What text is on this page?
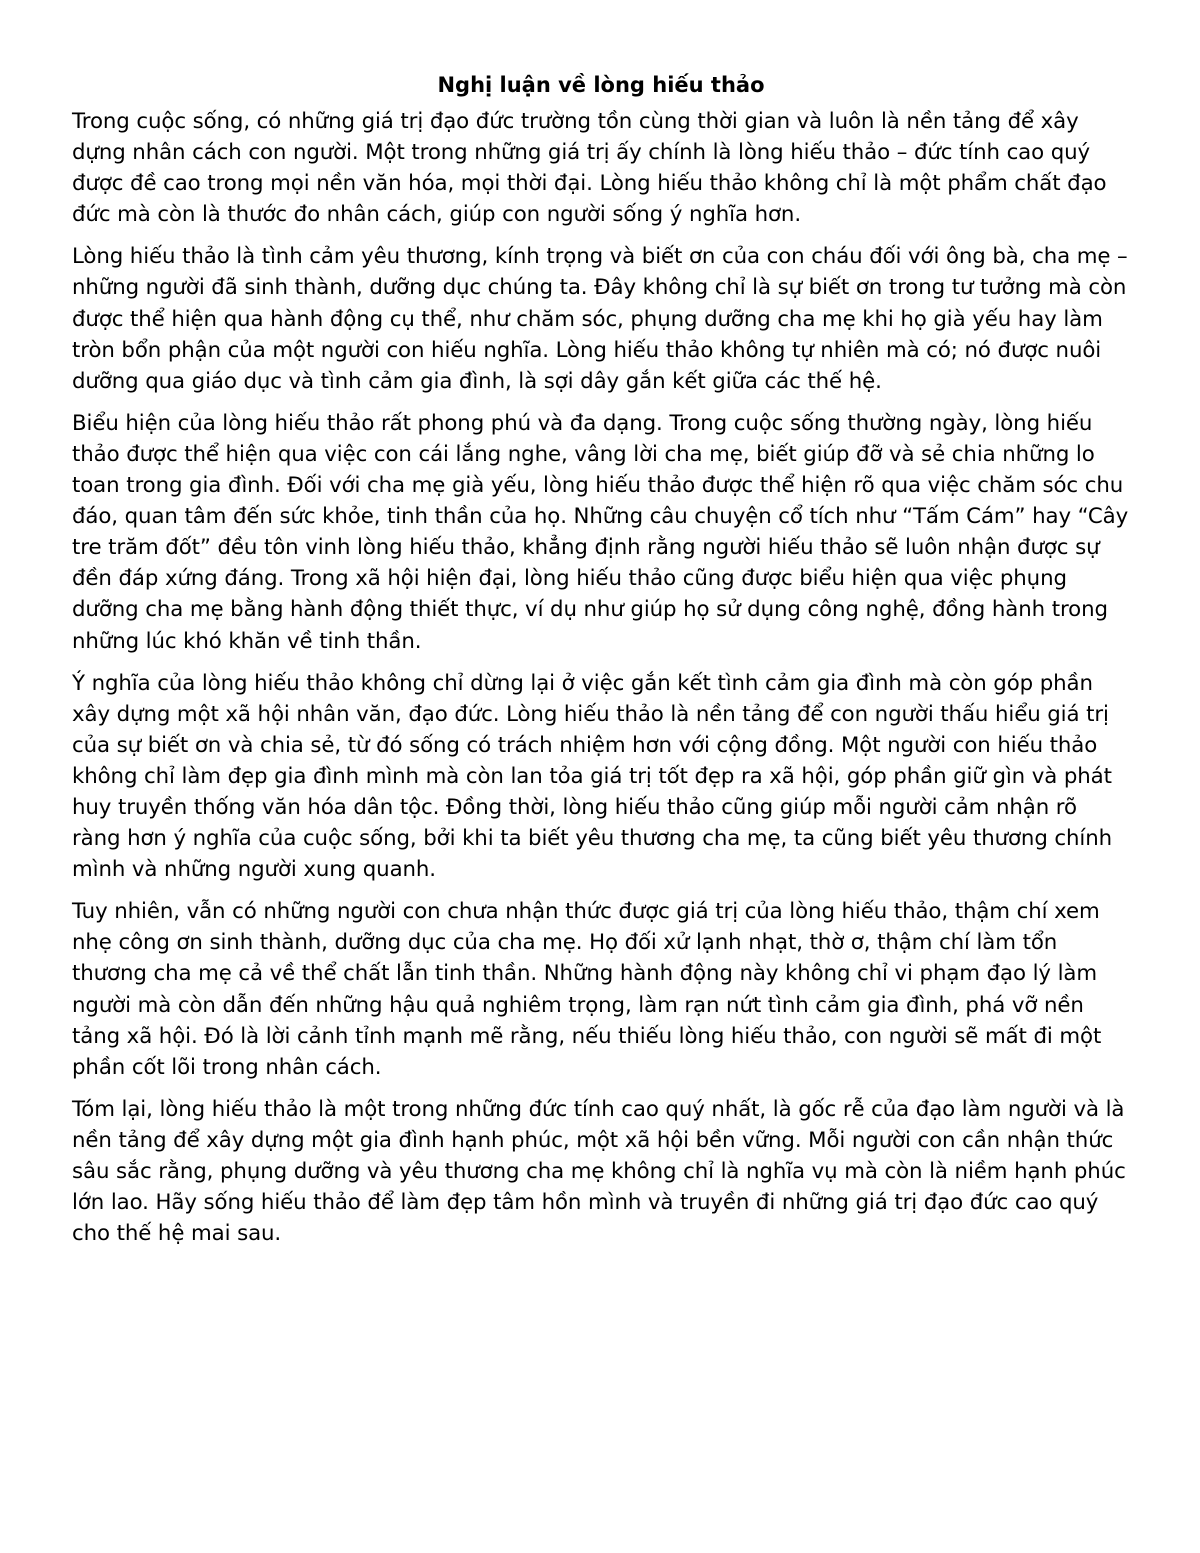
Nghị luận về lòng hiếu thảo

Trong cuộc sống, có những giá trị đạo đức trường tồn cùng thời gian và luôn là nền tảng để xây dựng nhân cách con người. Một trong những giá trị ấy chính là lòng hiếu thảo – đức tính cao quý được đề cao trong mọi nền văn hóa, mọi thời đại. Lòng hiếu thảo không chỉ là một phẩm chất đạo đức mà còn là thước đo nhân cách, giúp con người sống ý nghĩa hơn.

Lòng hiếu thảo là tình cảm yêu thương, kính trọng và biết ơn của con cháu đối với ông bà, cha mẹ – những người đã sinh thành, dưỡng dục chúng ta. Đây không chỉ là sự biết ơn trong tư tưởng mà còn được thể hiện qua hành động cụ thể, như chăm sóc, phụng dưỡng cha mẹ khi họ già yếu hay làm tròn bổn phận của một người con hiếu nghĩa. Lòng hiếu thảo không tự nhiên mà có; nó được nuôi dưỡng qua giáo dục và tình cảm gia đình, là sợi dây gắn kết giữa các thế hệ.

Biểu hiện của lòng hiếu thảo rất phong phú và đa dạng. Trong cuộc sống thường ngày, lòng hiếu thảo được thể hiện qua việc con cái lắng nghe, vâng lời cha mẹ, biết giúp đỡ và sẻ chia những lo toan trong gia đình. Đối với cha mẹ già yếu, lòng hiếu thảo được thể hiện rõ qua việc chăm sóc chu đáo, quan tâm đến sức khỏe, tinh thần của họ. Những câu chuyện cổ tích như “Tấm Cám” hay “Cây tre trăm đốt” đều tôn vinh lòng hiếu thảo, khẳng định rằng người hiếu thảo sẽ luôn nhận được sự đền đáp xứng đáng. Trong xã hội hiện đại, lòng hiếu thảo cũng được biểu hiện qua việc phụng dưỡng cha mẹ bằng hành động thiết thực, ví dụ như giúp họ sử dụng công nghệ, đồng hành trong những lúc khó khăn về tinh thần.

Ý nghĩa của lòng hiếu thảo không chỉ dừng lại ở việc gắn kết tình cảm gia đình mà còn góp phần xây dựng một xã hội nhân văn, đạo đức. Lòng hiếu thảo là nền tảng để con người thấu hiểu giá trị của sự biết ơn và chia sẻ, từ đó sống có trách nhiệm hơn với cộng đồng. Một người con hiếu thảo không chỉ làm đẹp gia đình mình mà còn lan tỏa giá trị tốt đẹp ra xã hội, góp phần giữ gìn và phát huy truyền thống văn hóa dân tộc. Đồng thời, lòng hiếu thảo cũng giúp mỗi người cảm nhận rõ ràng hơn ý nghĩa của cuộc sống, bởi khi ta biết yêu thương cha mẹ, ta cũng biết yêu thương chính mình và những người xung quanh.

Tuy nhiên, vẫn có những người con chưa nhận thức được giá trị của lòng hiếu thảo, thậm chí xem nhẹ công ơn sinh thành, dưỡng dục của cha mẹ. Họ đối xử lạnh nhạt, thờ ơ, thậm chí làm tổn thương cha mẹ cả về thể chất lẫn tinh thần. Những hành động này không chỉ vi phạm đạo lý làm người mà còn dẫn đến những hậu quả nghiêm trọng, làm rạn nứt tình cảm gia đình, phá vỡ nền tảng xã hội. Đó là lời cảnh tỉnh mạnh mẽ rằng, nếu thiếu lòng hiếu thảo, con người sẽ mất đi một phần cốt lõi trong nhân cách.

Tóm lại, lòng hiếu thảo là một trong những đức tính cao quý nhất, là gốc rễ của đạo làm người và là nền tảng để xây dựng một gia đình hạnh phúc, một xã hội bền vững. Mỗi người con cần nhận thức sâu sắc rằng, phụng dưỡng và yêu thương cha mẹ không chỉ là nghĩa vụ mà còn là niềm hạnh phúc lớn lao. Hãy sống hiếu thảo để làm đẹp tâm hồn mình và truyền đi những giá trị đạo đức cao quý cho thế hệ mai sau.
